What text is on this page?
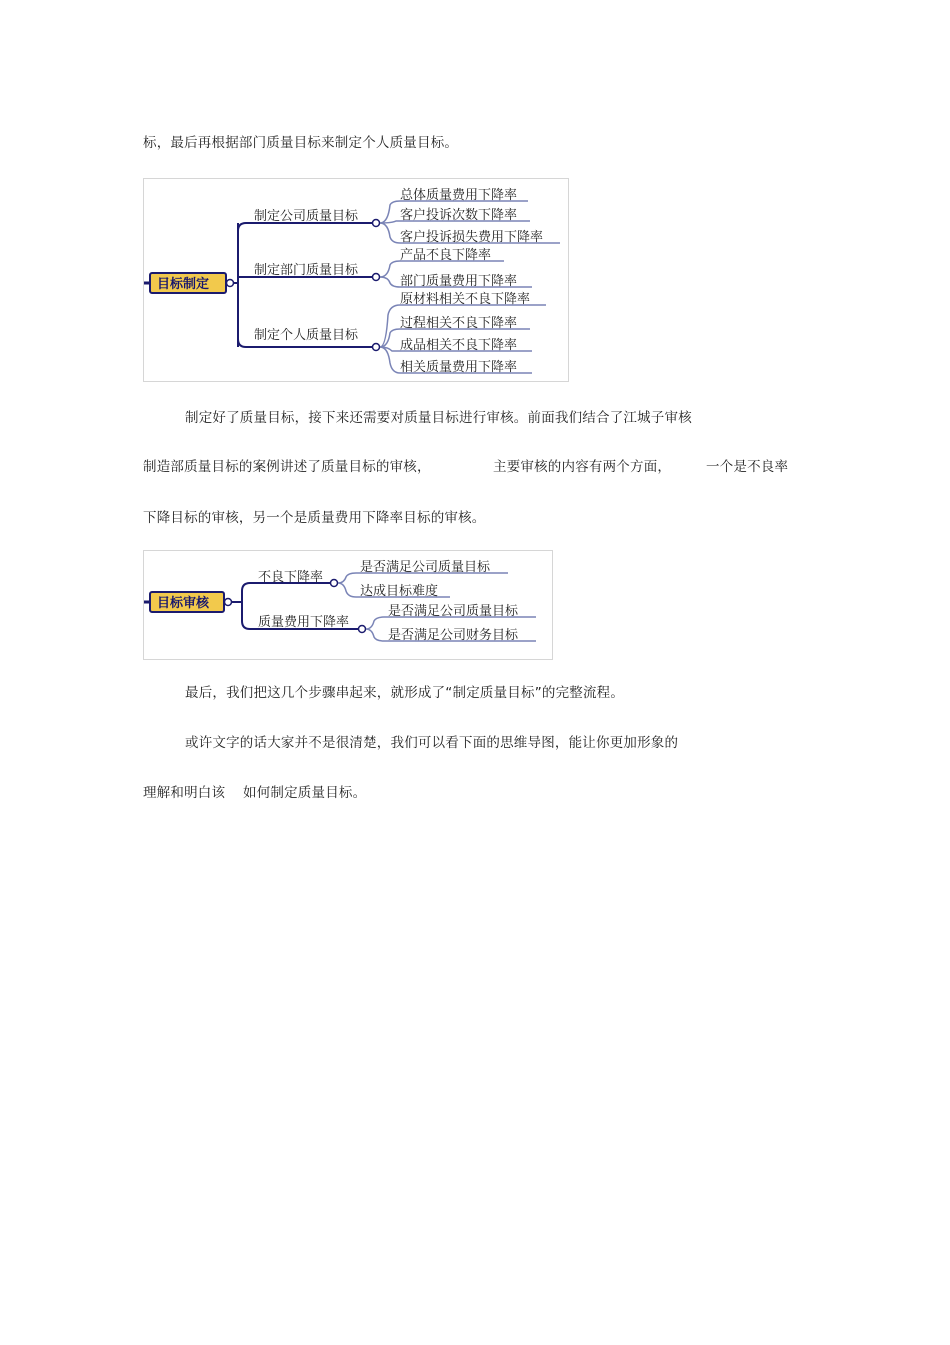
标，最后再根据部门质量目标来制定个人质量目标。
目标制定
制定公司质量目标
制定部门质量目标
制定个人质量目标
总体质量费用下降率
客户投诉次数下降率
客户投诉损失费用下降率
产品不良下降率
部门质量费用下降率
原材料相关不良下降率
过程相关不良下降率
成品相关不良下降率
相关质量费用下降率
制定好了质量目标，接下来还需要对质量目标进行审核。前面我们结合了江城子审核
制造部质量目标的案例讲述了质量目标的审核，	主要审核的内容有两个方面，	一个是不良率
下降目标的审核，另一个是质量费用下降率目标的审核。
目标审核
不良下降率
质量费用下降率
是否满足公司质量目标
达成目标难度
是否满足公司质量目标
是否满足公司财务目标
最后，我们把这几个步骤串起来，就形成了“制定质量目标”的完整流程。
或许文字的话大家并不是很清楚，我们可以看下面的思维导图，能让你更加形象的
理解和明白该 如何制定质量目标。
